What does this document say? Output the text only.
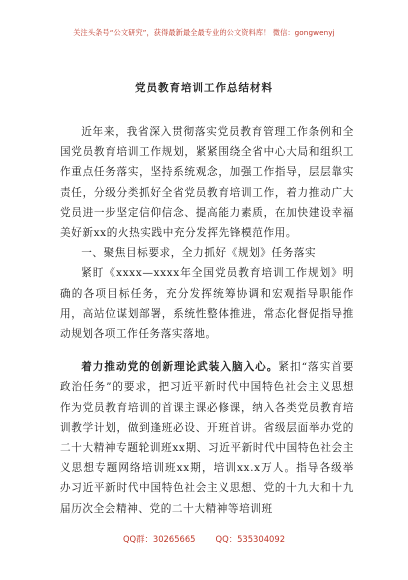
关注头条号“公文研究”，获得最新最全最专业的公文资料库！ 微信：gongwenyj
党员教育培训工作总结材料

近年来，我省深入贯彻落实党员教育管理工作条例和全国党员教育培训工作规划，紧紧围绕全省中心大局和组织工作重点任务落实，坚持系统观念，加强工作指导，层层靠实责任，分级分类抓好全省党员教育培训工作，着力推动广大党员进一步坚定信仰信念、提高能力素质，在加快建设幸福美好新xx的火热实践中充分发挥先锋模范作用。

一、聚焦目标要求，全力抓好《规划》任务落实

紧盯《xxxx—xxxx年全国党员教育培训工作规划》明确的各项目标任务，充分发挥统筹协调和宏观指导职能作用，高站位谋划部署，系统性整体推进，常态化督促指导推动规划各项工作任务落实落地。

着力推动党的创新理论武装入脑入心。紧扣“落实首要政治任务”的要求，把习近平新时代中国特色社会主义思想作为党员教育培训的首课主课必修课，纳入各类党员教育培训教学计划，做到逢班必设、开班首讲。省级层面举办党的二十大精神专题轮训班xx期、习近平新时代中国特色社会主义思想专题网络培训班xx期，培训xx.x万人。指导各级举办习近平新时代中国特色社会主义思想、党的十九大和十九届历次全会精神、党的二十大精神等培训班

QQ群：30265665 QQ：535304092
